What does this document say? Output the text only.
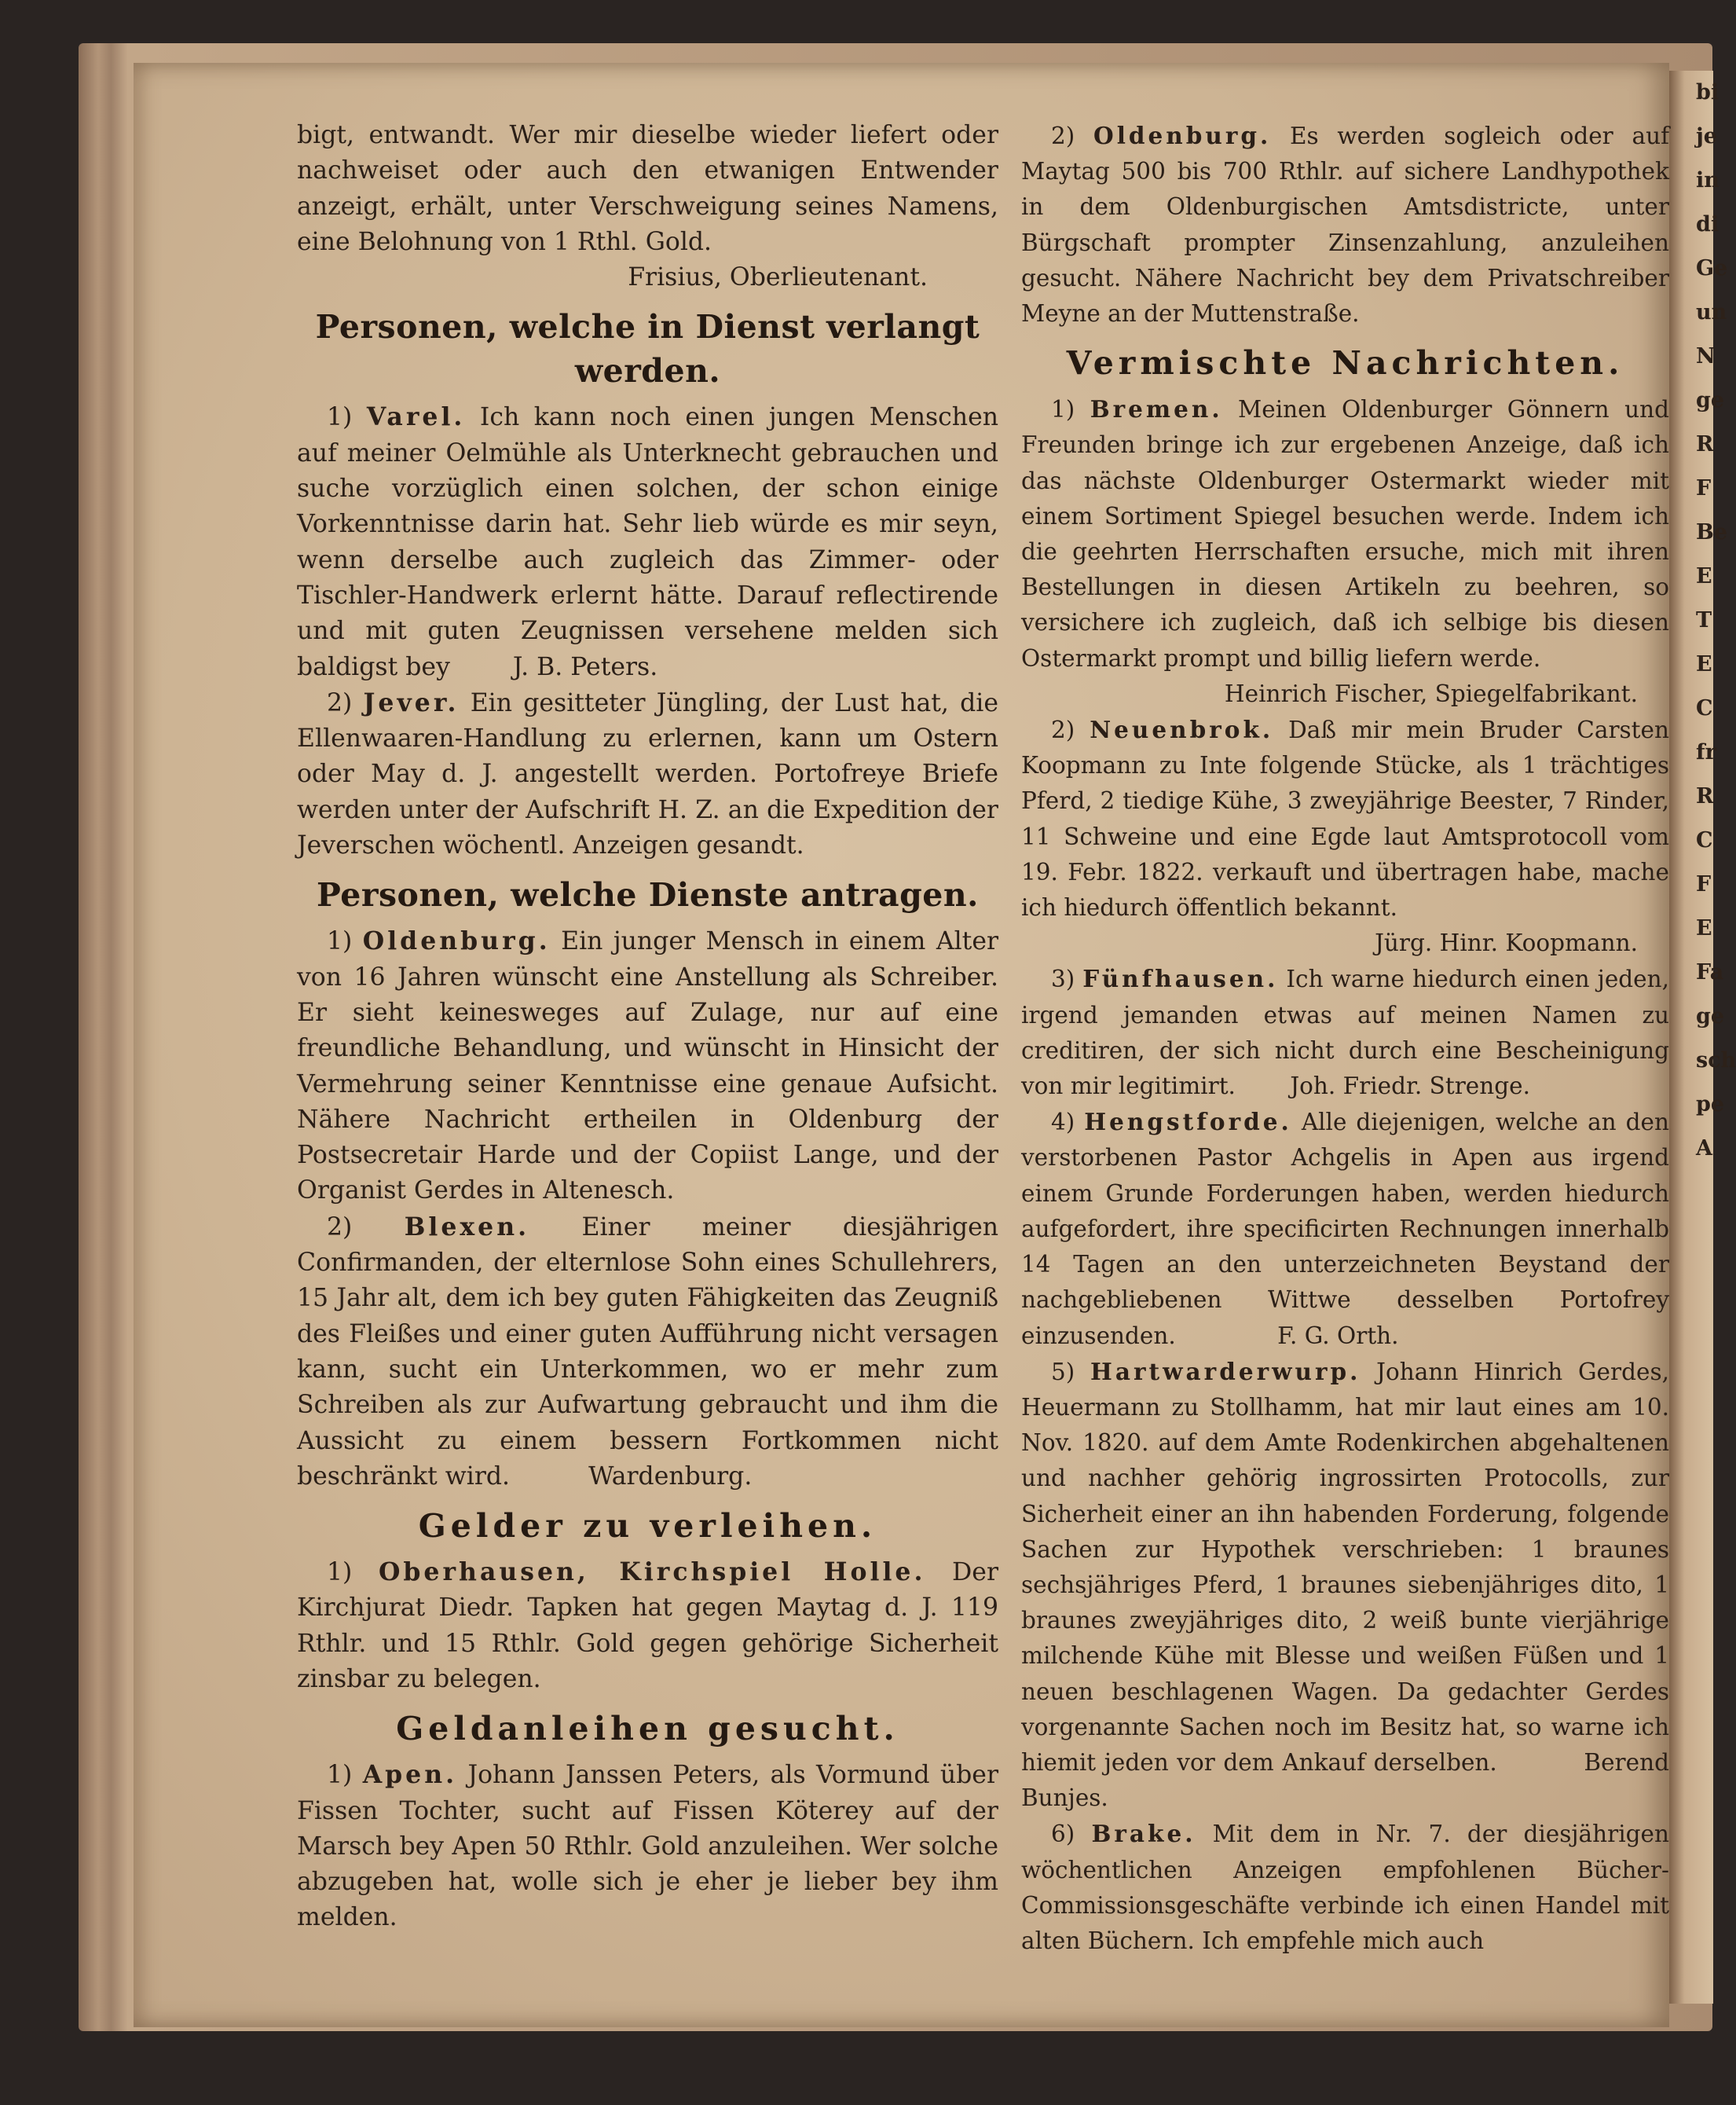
bi
je
in
di
Ge
un
N
ge
R
F
Be
E
T
E
C
fr
R
C
F
E
Fa
ge
sch
pe
A

bigt, entwandt. Wer mir dieselbe wieder liefert oder nachweiset oder auch den etwanigen Entwender anzeigt, erhält, unter Verschweigung seines Namens, eine Belohnung von 1 Rthl. Gold.

Frisius, Oberlieutenant.

Personen, welche in Dienst verlangt werden.

1) Varel. Ich kann noch einen jungen Menschen auf meiner Oelmühle als Unterknecht gebrauchen und suche vorzüglich einen solchen, der schon einige Vorkenntnisse darin hat. Sehr lieb würde es mir seyn, wenn derselbe auch zugleich das Zimmer- oder Tischler-Handwerk erlernt hätte. Darauf reflectirende und mit guten Zeugnissen versehene melden sich baldigst bey	J. B. Peters.

2) Jever. Ein gesitteter Jüngling, der Lust hat, die Ellenwaaren-Handlung zu erlernen, kann um Ostern oder May d. J. angestellt werden. Portofreye Briefe werden unter der Aufschrift H. Z. an die Expedition der Jeverschen wöchentl. Anzeigen gesandt.

Personen, welche Dienste antragen.

1) Oldenburg. Ein junger Mensch in einem Alter von 16 Jahren wünscht eine Anstellung als Schreiber. Er sieht keinesweges auf Zulage, nur auf eine freundliche Behandlung, und wünscht in Hinsicht der Vermehrung seiner Kenntnisse eine genaue Aufsicht. Nähere Nachricht ertheilen in Oldenburg der Postsecretair Harde und der Copiist Lange, und der Organist Gerdes in Altenesch.

2) Blexen. Einer meiner diesjährigen Confirmanden, der elternlose Sohn eines Schullehrers, 15 Jahr alt, dem ich bey guten Fähigkeiten das Zeugniß des Fleißes und einer guten Aufführung nicht versagen kann, sucht ein Unterkommen, wo er mehr zum Schreiben als zur Aufwartung gebraucht und ihm die Aussicht zu einem bessern Fortkommen nicht beschränkt wird.	Wardenburg.

Gelder zu verleihen.

1) Oberhausen, Kirchspiel Holle. Der Kirchjurat Diedr. Tapken hat gegen Maytag d. J. 119 Rthlr. und 15 Rthlr. Gold gegen gehörige Sicherheit zinsbar zu belegen.

Geldanleihen gesucht.

1) Apen. Johann Janssen Peters, als Vormund über Fissen Tochter, sucht auf Fissen Köterey auf der Marsch bey Apen 50 Rthlr. Gold anzuleihen. Wer solche abzugeben hat, wolle sich je eher je lieber bey ihm melden.

2) Oldenburg. Es werden sogleich oder auf Maytag 500 bis 700 Rthlr. auf sichere Landhypothek in dem Oldenburgischen Amtsdistricte, unter Bürgschaft prompter Zinsenzahlung, anzuleihen gesucht. Nähere Nachricht bey dem Privatschreiber Meyne an der Muttenstraße.

Vermischte Nachrichten.

1) Bremen. Meinen Oldenburger Gönnern und Freunden bringe ich zur ergebenen Anzeige, daß ich das nächste Oldenburger Ostermarkt wieder mit einem Sortiment Spiegel besuchen werde. Indem ich die geehrten Herrschaften ersuche, mich mit ihren Bestellungen in diesen Artikeln zu beehren, so versichere ich zugleich, daß ich selbige bis diesen Ostermarkt prompt und billig liefern werde.

Heinrich Fischer, Spiegelfabrikant.

2) Neuenbrok. Daß mir mein Bruder Carsten Koopmann zu Inte folgende Stücke, als 1 trächtiges Pferd, 2 tiedige Kühe, 3 zweyjährige Beester, 7 Rinder, 11 Schweine und eine Egde laut Amtsprotocoll vom 19. Febr. 1822. verkauft und übertragen habe, mache ich hiedurch öffentlich bekannt.

Jürg. Hinr. Koopmann.

3) Fünfhausen. Ich warne hiedurch einen jeden, irgend jemanden etwas auf meinen Namen zu creditiren, der sich nicht durch eine Bescheinigung von mir legitimirt. Joh. Friedr. Strenge.

4) Hengstforde. Alle diejenigen, welche an den verstorbenen Pastor Achgelis in Apen aus irgend einem Grunde Forderungen haben, werden hiedurch aufgefordert, ihre specificirten Rechnungen innerhalb 14 Tagen an den unterzeichneten Beystand der nachgebliebenen Wittwe desselben Portofrey einzusenden.	F. G. Orth.

5) Hartwarderwurp. Johann Hinrich Gerdes, Heuermann zu Stollhamm, hat mir laut eines am 10. Nov. 1820. auf dem Amte Rodenkirchen abgehaltenen und nachher gehörig ingrossirten Protocolls, zur Sicherheit einer an ihn habenden Forderung, folgende Sachen zur Hypothek verschrieben: 1 braunes sechsjähriges Pferd, 1 braunes siebenjähriges dito, 1 braunes zweyjähriges dito, 2 weiß bunte vierjährige milchende Kühe mit Blesse und weißen Füßen und 1 neuen beschlagenen Wagen. Da gedachter Gerdes vorgenannte Sachen noch im Besitz hat, so warne ich hiemit jeden vor dem Ankauf derselben.	Berend Bunjes.

6) Brake. Mit dem in Nr. 7. der diesjährigen wöchentlichen Anzeigen empfohlenen Bücher-Commissionsgeschäfte verbinde ich einen Handel mit alten Büchern. Ich empfehle mich auch
